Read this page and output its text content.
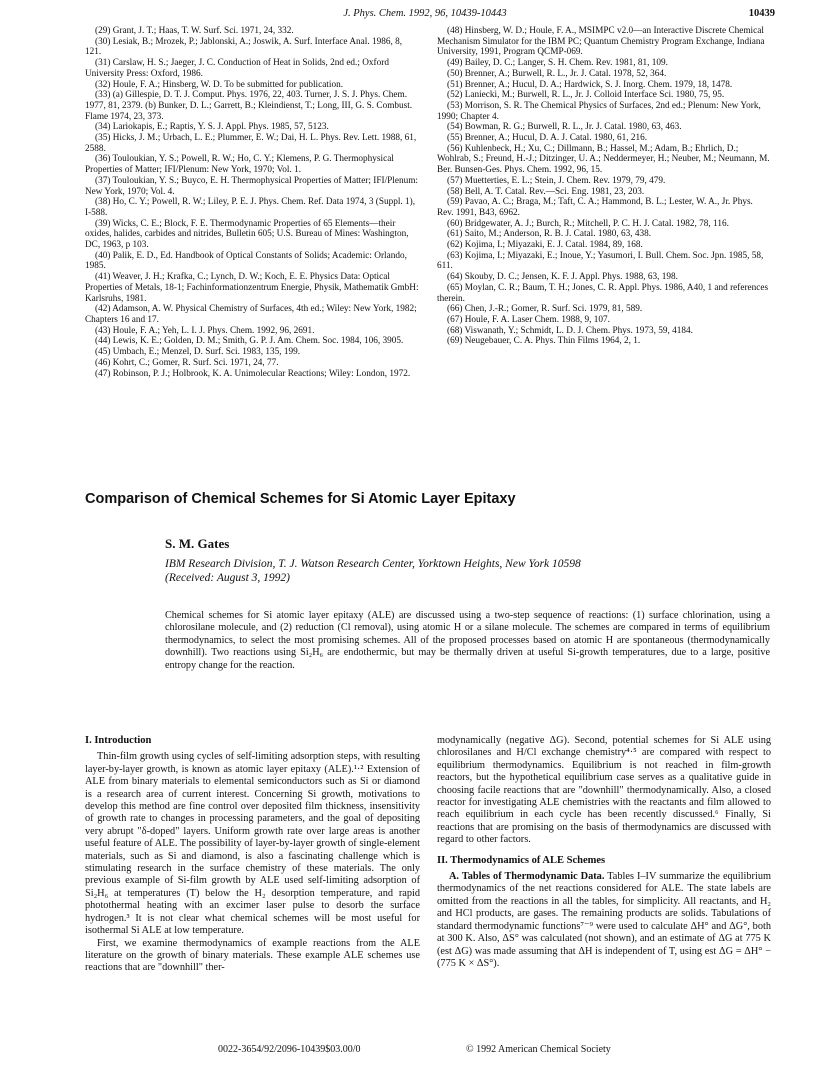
J. Phys. Chem. 1992, 96, 10439-10443	10439

(29) Grant, J. T.; Haas, T. W. Surf. Sci. 1971, 24, 332.

(30) Lesiak, B.; Mrozek, P.; Jablonski, A.; Joswik, A. Surf. Interface Anal. 1986, 8, 121.

(31) Carslaw, H. S.; Jaeger, J. C. Conduction of Heat in Solids, 2nd ed.; Oxford University Press: Oxford, 1986.

(32) Houle, F. A.; Hinsberg, W. D. To be submitted for publication.

(33) (a) Gillespie, D. T. J. Comput. Phys. 1976, 22, 403. Turner, J. S. J. Phys. Chem. 1977, 81, 2379. (b) Bunker, D. L.; Garrett, B.; Kleindienst, T.; Long, III, G. S. Combust. Flame 1974, 23, 373.

(34) Lariokapis, E.; Raptis, Y. S. J. Appl. Phys. 1985, 57, 5123.

(35) Hicks, J. M.; Urbach, L. E.; Plummer, E. W.; Dai, H. L. Phys. Rev. Lett. 1988, 61, 2588.

(36) Touloukian, Y. S.; Powell, R. W.; Ho, C. Y.; Klemens, P. G. Thermophysical Properties of Matter; IFI/Plenum: New York, 1970; Vol. 1.

(37) Touloukian, Y. S.; Buyco, E. H. Thermophysical Properties of Matter; IFI/Plenum: New York, 1970; Vol. 4.

(38) Ho, C. Y.; Powell, R. W.; Liley, P. E. J. Phys. Chem. Ref. Data 1974, 3 (Suppl. 1), I-588.

(39) Wicks, C. E.; Block, F. E. Thermodynamic Properties of 65 Elements—their oxides, halides, carbides and nitrides, Bulletin 605; U.S. Bureau of Mines: Washington, DC, 1963, p 103.

(40) Palik, E. D., Ed. Handbook of Optical Constants of Solids; Academic: Orlando, 1985.

(41) Weaver, J. H.; Krafka, C.; Lynch, D. W.; Koch, E. E. Physics Data: Optical Properties of Metals, 18-1; Fachinformationzentrum Energie, Physik, Mathematik GmbH: Karlsruhs, 1981.

(42) Adamson, A. W. Physical Chemistry of Surfaces, 4th ed.; Wiley: New York, 1982; Chapters 16 and 17.

(43) Houle, F. A.; Yeh, L. I. J. Phys. Chem. 1992, 96, 2691.

(44) Lewis, K. E.; Golden, D. M.; Smith, G. P. J. Am. Chem. Soc. 1984, 106, 3905.

(45) Umbach, E.; Menzel, D. Surf. Sci. 1983, 135, 199.

(46) Kohrt, C.; Gomer, R. Surf. Sci. 1971, 24, 77.

(47) Robinson, P. J.; Holbrook, K. A. Unimolecular Reactions; Wiley: London, 1972.

(48) Hinsberg, W. D.; Houle, F. A., MSIMPC v2.0—an Interactive Discrete Chemical Mechanism Simulator for the IBM PC; Quantum Chemistry Program Exchange, Indiana University, 1991, Program QCMP-069.

(49) Bailey, D. C.; Langer, S. H. Chem. Rev. 1981, 81, 109.

(50) Brenner, A.; Burwell, R. L., Jr. J. Catal. 1978, 52, 364.

(51) Brenner, A.; Hucul, D. A.; Hardwick, S. J. Inorg. Chem. 1979, 18, 1478.

(52) Laniecki, M.; Burwell, R. L., Jr. J. Colloid Interface Sci. 1980, 75, 95.

(53) Morrison, S. R. The Chemical Physics of Surfaces, 2nd ed.; Plenum: New York, 1990; Chapter 4.

(54) Bowman, R. G.; Burwell, R. L., Jr. J. Catal. 1980, 63, 463.

(55) Brenner, A.; Hucul, D. A. J. Catal. 1980, 61, 216.

(56) Kuhlenbeck, H.; Xu, C.; Dillmann, B.; Hassel, M.; Adam, B.; Ehrlich, D.; Wohlrab, S.; Freund, H.-J.; Ditzinger, U. A.; Neddermeyer, H.; Neuber, M.; Neumann, M. Ber. Bunsen-Ges. Phys. Chem. 1992, 96, 15.

(57) Muetterties, E. L.; Stein, J. Chem. Rev. 1979, 79, 479.

(58) Bell, A. T. Catal. Rev.—Sci. Eng. 1981, 23, 203.

(59) Pavao, A. C.; Braga, M.; Taft, C. A.; Hammond, B. L.; Lester, W. A., Jr. Phys. Rev. 1991, B43, 6962.

(60) Bridgewater, A. J.; Burch, R.; Mitchell, P. C. H. J. Catal. 1982, 78, 116.

(61) Saito, M.; Anderson, R. B. J. Catal. 1980, 63, 438.

(62) Kojima, I.; Miyazaki, E. J. Catal. 1984, 89, 168.

(63) Kojima, I.; Miyazaki, E.; Inoue, Y.; Yasumori, I. Bull. Chem. Soc. Jpn. 1985, 58, 611.

(64) Skouby, D. C.; Jensen, K. F. J. Appl. Phys. 1988, 63, 198.

(65) Moylan, C. R.; Baum, T. H.; Jones, C. R. Appl. Phys. 1986, A40, 1 and references therein.

(66) Chen, J.-R.; Gomer, R. Surf. Sci. 1979, 81, 589.

(67) Houle, F. A. Laser Chem. 1988, 9, 107.

(68) Viswanath, Y.; Schmidt, L. D. J. Chem. Phys. 1973, 59, 4184.

(69) Neugebauer, C. A. Phys. Thin Films 1964, 2, 1.

Comparison of Chemical Schemes for Si Atomic Layer Epitaxy
S. M. Gates
IBM Research Division, T. J. Watson Research Center, Yorktown Heights, New York 10598
(Received: August 3, 1992)
Chemical schemes for Si atomic layer epitaxy (ALE) are discussed using a two-step sequence of reactions: (1) surface chlorination, using a chlorosilane molecule, and (2) reduction (Cl removal), using atomic H or a silane molecule. The schemes are compared in terms of equilibrium thermodynamics, to select the most promising schemes. All of the proposed processes based on atomic H are spontaneous (thermodynamically downhill). Two reactions using Si₂H₆ are endothermic, but may be thermally driven at useful Si-growth temperatures, due to a large, positive entropy change for the reaction.
I. Introduction

Thin-film growth using cycles of self-limiting adsorption steps, with resulting layer-by-layer growth, is known as atomic layer epitaxy (ALE).¹·² Extension of ALE from binary materials to elemental semiconductors such as Si or diamond is a research area of current interest. Concerning Si growth, motivations to develop this method are fine control over deposited film thickness, insensitivity of growth rate to changes in processing parameters, and the goal of depositing very abrupt "δ-doped" layers. Uniform growth rate over large areas is another useful feature of ALE. The possibility of layer-by-layer growth of single-element materials, such as Si and diamond, is also a fascinating challenge which is stimulating research in the surface chemistry of these materials. The only previous example of Si-film growth by ALE used self-limiting adsorption of Si₂H₆ at temperatures (T) below the H₂ desorption temperature, and rapid photothermal heating with an excimer laser pulse to desorb the surface hydrogen.³ It is not clear what chemical schemes will be most useful for isothermal Si ALE at low temperature.

First, we examine thermodynamics of example reactions from the ALE literature on the growth of binary materials. These example ALE schemes use reactions that are "downhill" ther-

modynamically (negative ΔG). Second, potential schemes for Si ALE using chlorosilanes and H/Cl exchange chemistry⁴·⁵ are compared with respect to equilibrium thermodynamics. Equilibrium is not reached in film-growth reactors, but the hypothetical equilibrium case serves as a qualitative guide in choosing facile reactions that are "downhill" thermodynamically. Also, a closed reactor for investigating ALE chemistries with the reactants and film allowed to reach equilibrium in each cycle has been recently discussed.⁶ Finally, Si reactions that are promising on the basis of thermodynamics are discussed with regard to other factors.

II. Thermodynamics of ALE Schemes

A. Tables of Thermodynamic Data. Tables I–IV summarize the equilibrium thermodynamics of the net reactions considered for ALE. The state labels are omitted from the reactions in all the tables, for simplicity. All reactants, and H₂ and HCl products, are gases. The remaining products are solids. Tabulations of standard thermodynamic functions⁷⁻⁹ were used to calculate ΔH° and ΔG°, both at 300 K. Also, ΔS° was calculated (not shown), and an estimate of ΔG at 775 K (est ΔG) was made assuming that ΔH is independent of T, using est ΔG = ΔH° − (775 K × ΔS°).

0022-3654/92/2096-10439$03.00/0	© 1992 American Chemical Society
